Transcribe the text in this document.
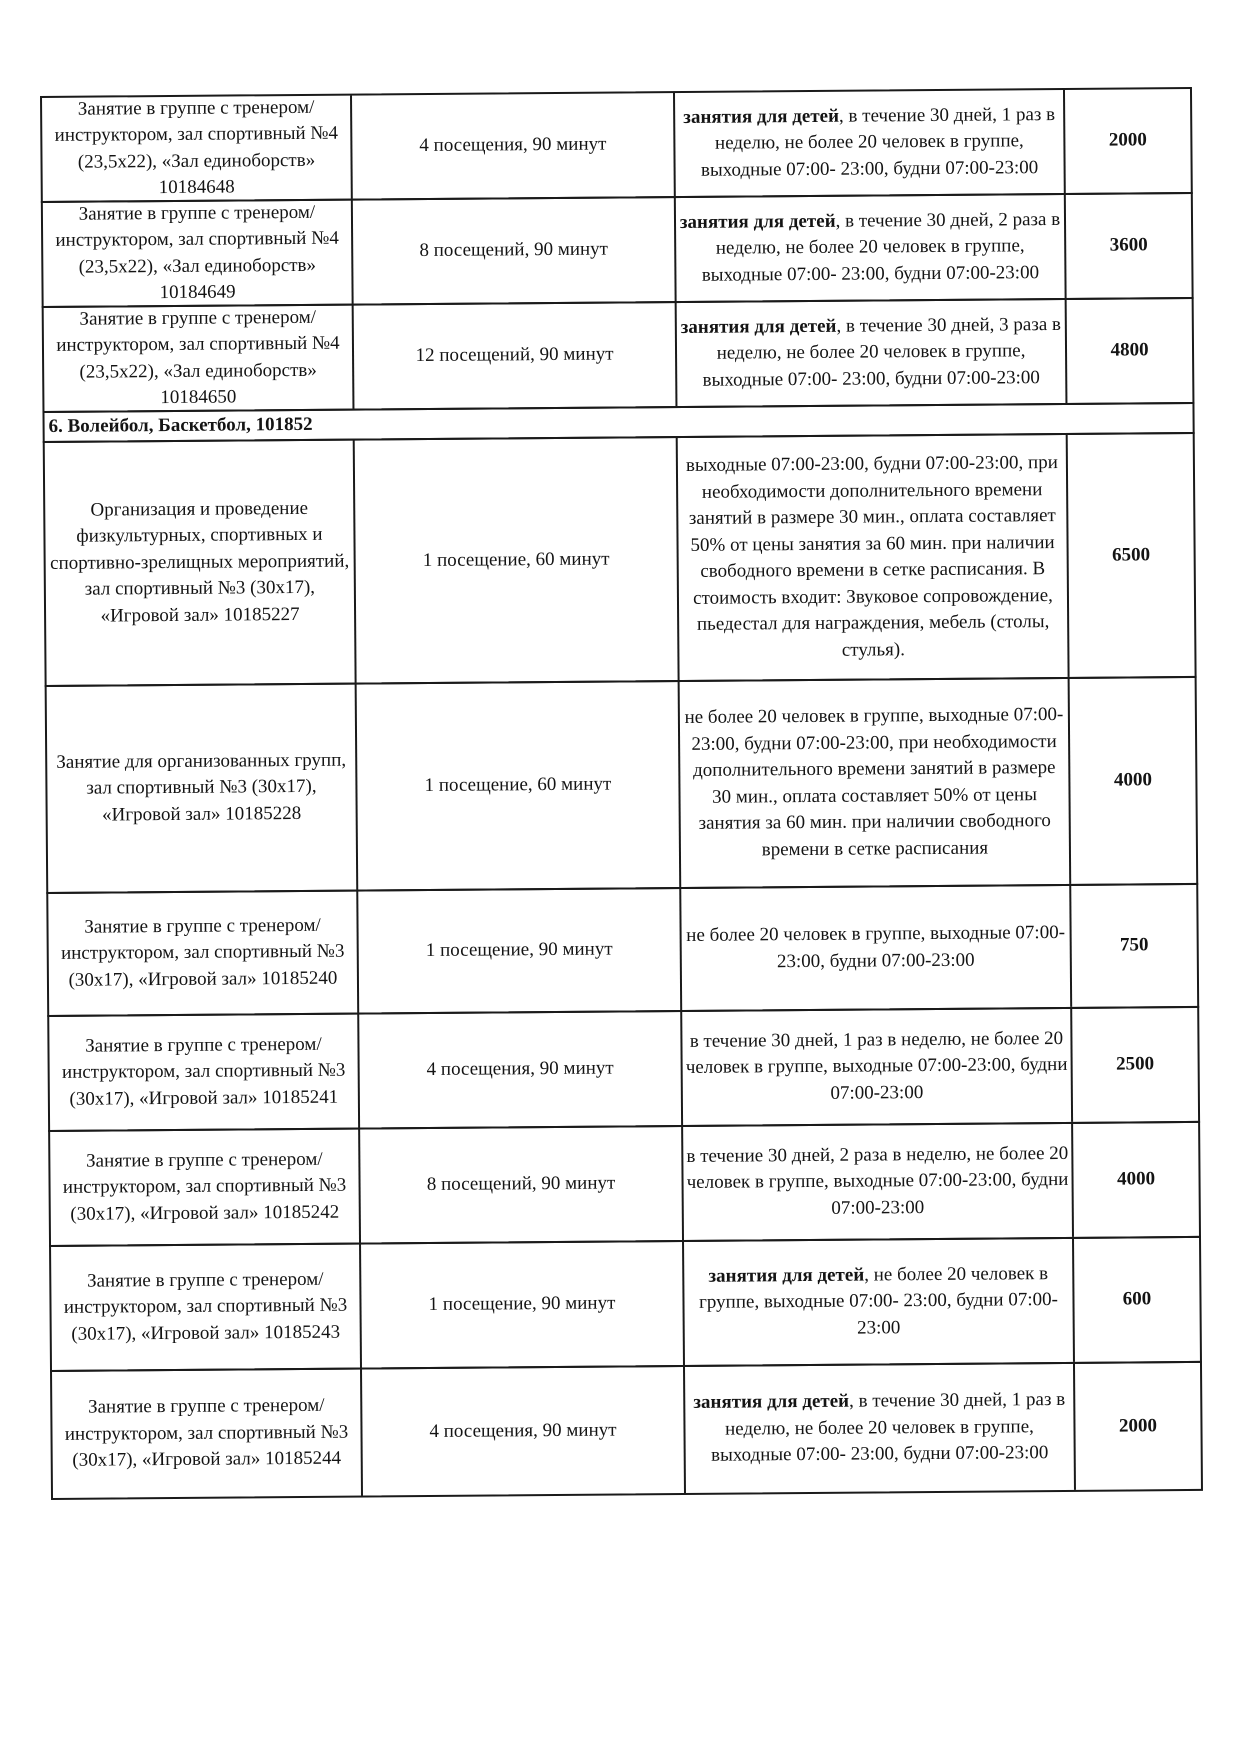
Занятие в группе с тренером/инструктором, зал спортивный №4 (23,5x22), «Зал единоборств» 10184648
4 посещения, 90 минут
занятия для детей, в течение 30 дней, 1 раз в неделю, не более 20 человек в группе, выходные 07:00- 23:00, будни 07:00-23:00
2000
Занятие в группе с тренером/инструктором, зал спортивный №4 (23,5x22), «Зал единоборств» 10184649
8 посещений, 90 минут
занятия для детей, в течение 30 дней, 2 раза в неделю, не более 20 человек в группе, выходные 07:00- 23:00, будни 07:00-23:00
3600
Занятие в группе с тренером/инструктором, зал спортивный №4 (23,5x22), «Зал единоборств» 10184650
12 посещений, 90 минут
занятия для детей, в течение 30 дней, 3 раза в неделю, не более 20 человек в группе, выходные 07:00- 23:00, будни 07:00-23:00
4800
6. Волейбол, Баскетбол, 101852
Организация и проведение физкультурных, спортивных и спортивно-зрелищных мероприятий, зал спортивный №3 (30x17), «Игровой зал» 10185227
1 посещение, 60 минут
выходные 07:00-23:00, будни 07:00-23:00, при необходимости дополнительного времени занятий в размере 30 мин., оплата составляет 50% от цены занятия за 60 мин. при наличии свободного времени в сетке расписания. В стоимость входит: Звуковое сопровождение, пьедестал для награждения, мебель (столы, стулья).
6500
Занятие для организованных групп, зал спортивный №3 (30x17), «Игровой зал» 10185228
1 посещение, 60 минут
не более 20 человек в группе, выходные 07:00-23:00, будни 07:00-23:00, при необходимости дополнительного времени занятий в размере 30 мин., оплата составляет 50% от цены занятия за 60 мин. при наличии свободного времени в сетке расписания
4000
Занятие в группе с тренером/инструктором, зал спортивный №3 (30x17), «Игровой зал» 10185240
1 посещение, 90 минут
не более 20 человек в группе, выходные 07:00-23:00, будни 07:00-23:00
750
Занятие в группе с тренером/инструктором, зал спортивный №3 (30x17), «Игровой зал» 10185241
4 посещения, 90 минут
в течение 30 дней, 1 раз в неделю, не более 20 человек в группе, выходные 07:00-23:00, будни 07:00-23:00
2500
Занятие в группе с тренером/инструктором, зал спортивный №3 (30x17), «Игровой зал» 10185242
8 посещений, 90 минут
в течение 30 дней, 2 раза в неделю, не более 20 человек в группе, выходные 07:00-23:00, будни 07:00-23:00
4000
Занятие в группе с тренером/инструктором, зал спортивный №3 (30x17), «Игровой зал» 10185243
1 посещение, 90 минут
занятия для детей, не более 20 человек в группе, выходные 07:00- 23:00, будни 07:00-23:00
600
Занятие в группе с тренером/инструктором, зал спортивный №3 (30x17), «Игровой зал» 10185244
4 посещения, 90 минут
занятия для детей, в течение 30 дней, 1 раз в неделю, не более 20 человек в группе, выходные 07:00- 23:00, будни 07:00-23:00
2000
